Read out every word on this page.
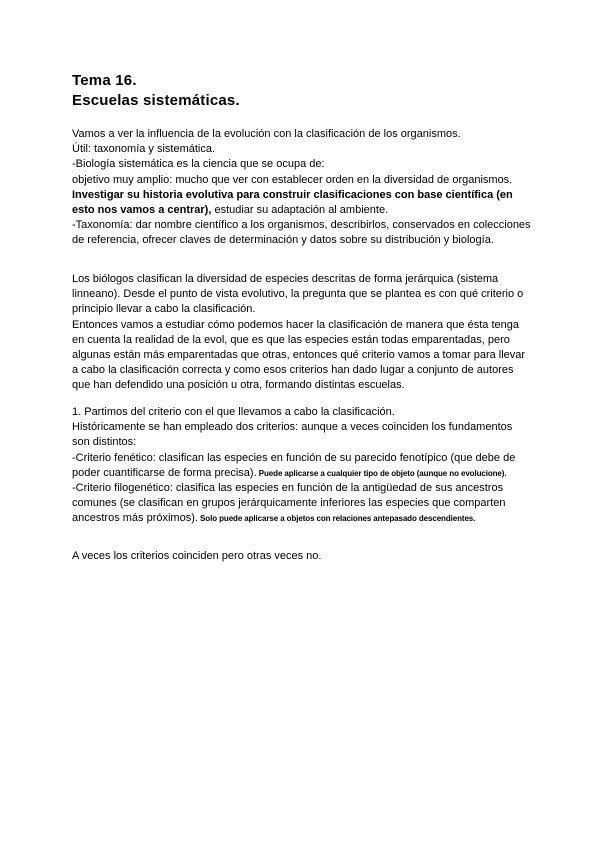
Tema 16.
Escuelas sistemáticas.

Vamos a ver la influencia de la evolución con la clasificación de los organismos.

Útil: taxonomía y sistemática.

-Biología sistemática es la ciencia que se ocupa de:

objetivo muy amplio: mucho que ver con establecer orden en la diversidad de organismos.

Investigar su historia evolutiva para construir clasificaciones con base científica (en esto nos vamos a centrar), estudiar su adaptación al ambiente.

-Taxonomía: dar nombre científico a los organismos, describirlos, conservados en colecciones de referencia, ofrecer claves de determinación y datos sobre su distribución y biología.

Los biólogos clasifican la diversidad de especies descritas de forma jerárquica (sistema linneano). Desde el punto de vista evolutivo, la pregunta que se plantea es con qué criterio o principio llevar a cabo la clasificación.

Entonces vamos a estudiar cómo podemos hacer la clasificación de manera que ésta tenga en cuenta la realidad de la evol, que es que las especies están todas emparentadas, pero algunas están más emparentadas que otras, entonces qué criterio vamos a tomar para llevar a cabo la clasificación correcta y como esos criterios han dado lugar a conjunto de autores que han defendido una posición u otra, formando distintas escuelas.

1. Partimos del criterio con el que llevamos a cabo la clasificación.

Históricamente se han empleado dos criterios: aunque a veces coinciden los fundamentos son distintos:

-Criterio fenético: clasifican las especies en función de su parecido fenotípico (que debe de poder cuantificarse de forma precisa). Puede aplicarse a cualquier tipo de objeto (aunque no evolucione).

-Criterio filogenético: clasifica las especies en función de la antigüedad de sus ancestros comunes (se clasifican en grupos jerárquicamente inferiores las especies que comparten ancestros más próximos). Solo puede aplicarse a objetos con relaciones antepasado descendientes.

A veces los criterios coinciden pero otras veces no.
